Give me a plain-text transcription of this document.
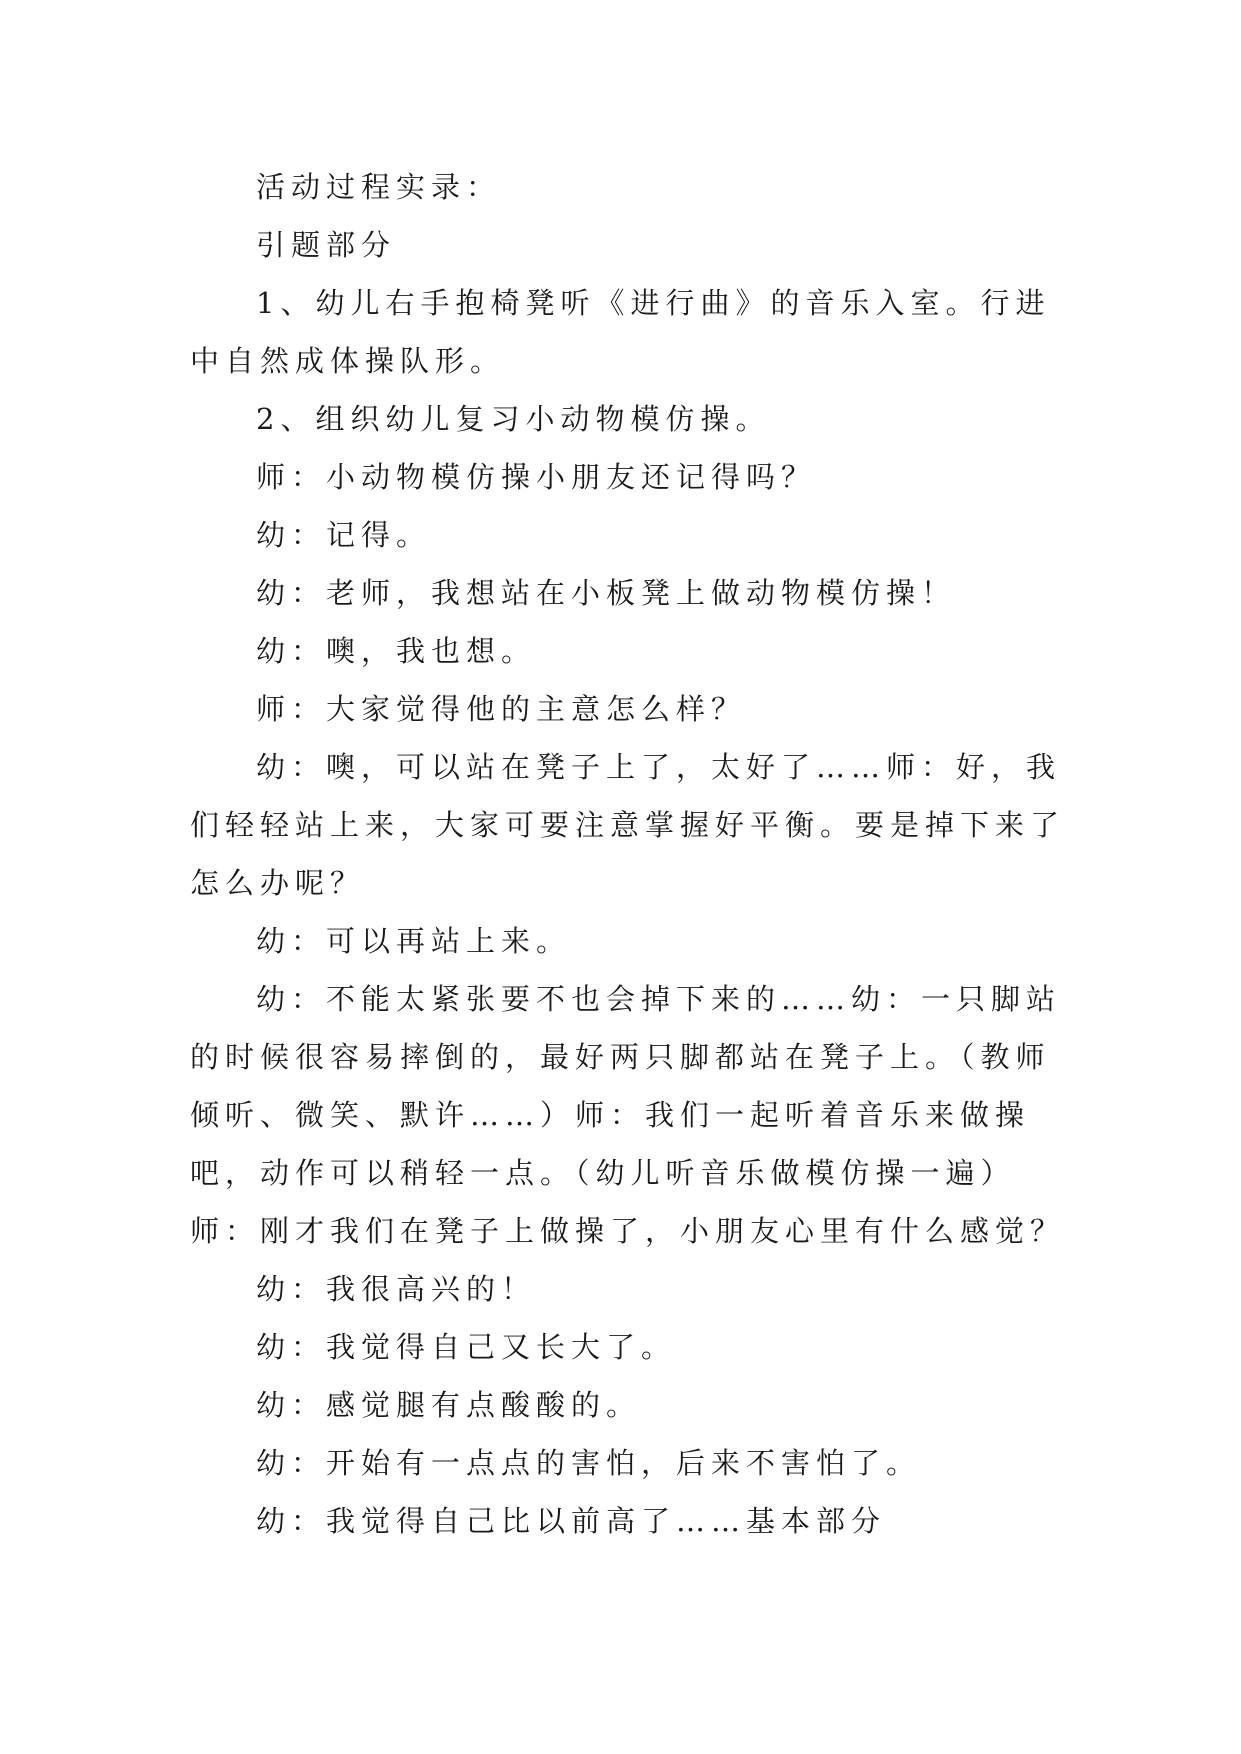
活动过程实录：

引题部分

1、幼儿右手抱椅凳听《进行曲》的音乐入室。行进中自然成体操队形。

2、组织幼儿复习小动物模仿操。

师：小动物模仿操小朋友还记得吗？

幼：记得。

幼：老师，我想站在小板凳上做动物模仿操！

幼：噢，我也想。

师：大家觉得他的主意怎么样？

幼：噢，可以站在凳子上了，太好了……师：好，我们轻轻站上来，大家可要注意掌握好平衡。要是掉下来了怎么办呢？

幼：可以再站上来。

幼：不能太紧张要不也会掉下来的……幼：一只脚站的时候很容易摔倒的，最好两只脚都站在凳子上。（教师倾听、微笑、默许……）师：我们一起听着音乐来做操吧，动作可以稍轻一点。（幼儿听音乐做模仿操一遍）师：刚才我们在凳子上做操了，小朋友心里有什么感觉？

幼：我很高兴的！

幼：我觉得自己又长大了。

幼：感觉腿有点酸酸的。

幼：开始有一点点的害怕，后来不害怕了。

幼：我觉得自己比以前高了……基本部分
